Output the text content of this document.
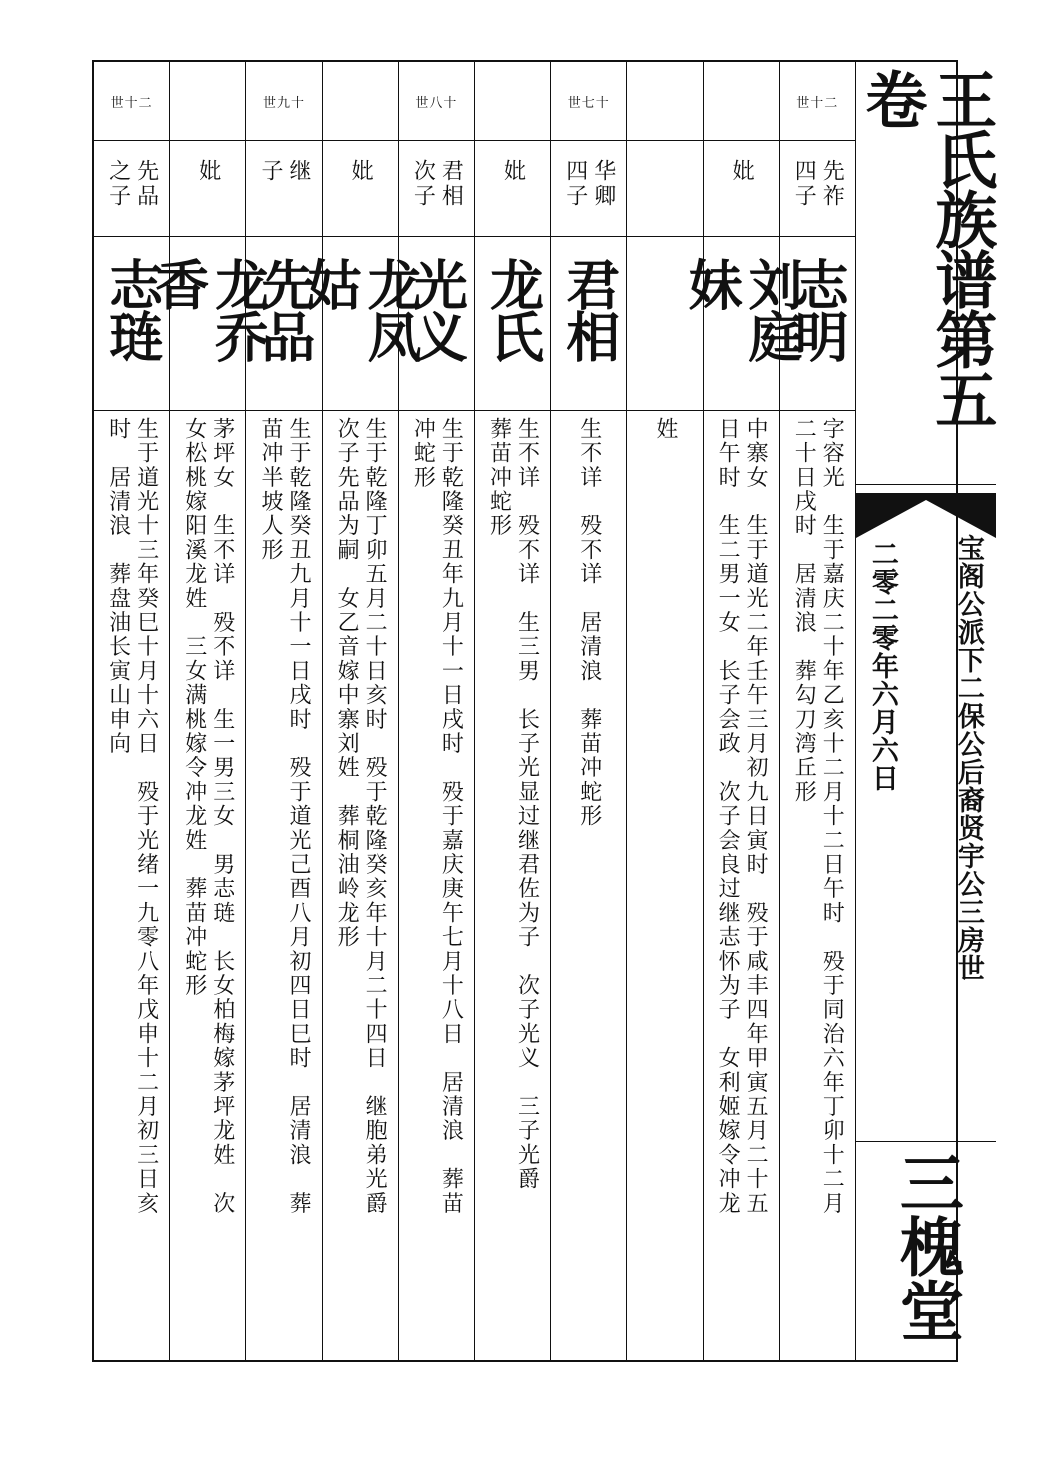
世十二
先品
之子
志琏
生于道光十三年癸巳十月十六日　殁于光绪一九零八年戊申十二月初三日亥
时　居清浪　葬盘油长寅山申向
妣
龙乔香
茅坪女　生不详　殁不详　生一男三女　男志琏　长女柏梅嫁茅坪龙姓　次
女松桃嫁阳溪龙姓　三女满桃嫁令冲龙姓　葬苗冲蛇形
世九十
继
子
先品
生于乾隆癸丑九月十一日戌时　殁于道光己酉八月初四日巳时　居清浪　葬
苗冲半坡人形
妣
龙凤姑
生于乾隆丁卯五月二十日亥时　殁于乾隆癸亥年十月二十四日　继胞弟光爵
次子先品为嗣　女乙音嫁中寨刘姓　葬桐油岭龙形
世八十
君相
次子
光义
生于乾隆癸丑年九月十一日戌时　殁于嘉庆庚午七月十八日　居清浪　葬苗
冲蛇形
妣
龙氏
生不详　殁不详　生三男　长子光显过继君佐为子　次子光义　三子光爵
葬苗冲蛇形
世七十
华卿
四子
君相
生不详　殁不详　居清浪　葬苗冲蛇形 姓
妣
刘庭妹
中寨女　生于道光二年壬午三月初九日寅时　殁于咸丰四年甲寅五月二十五
日午时　生二男一女　长子会政　次子会良过继志怀为子　女利姬嫁令冲龙
世十二
先祚
四子
志明
字容光　生于嘉庆二十年乙亥十二月十二日午时　殁于同治六年丁卯十二月
二十日戌时　居清浪　葬勾刀湾丘形
王氏族谱第五卷
宝阁公派下二保公后裔贤宇公三房世
二零二零年六月六日
三槐堂
